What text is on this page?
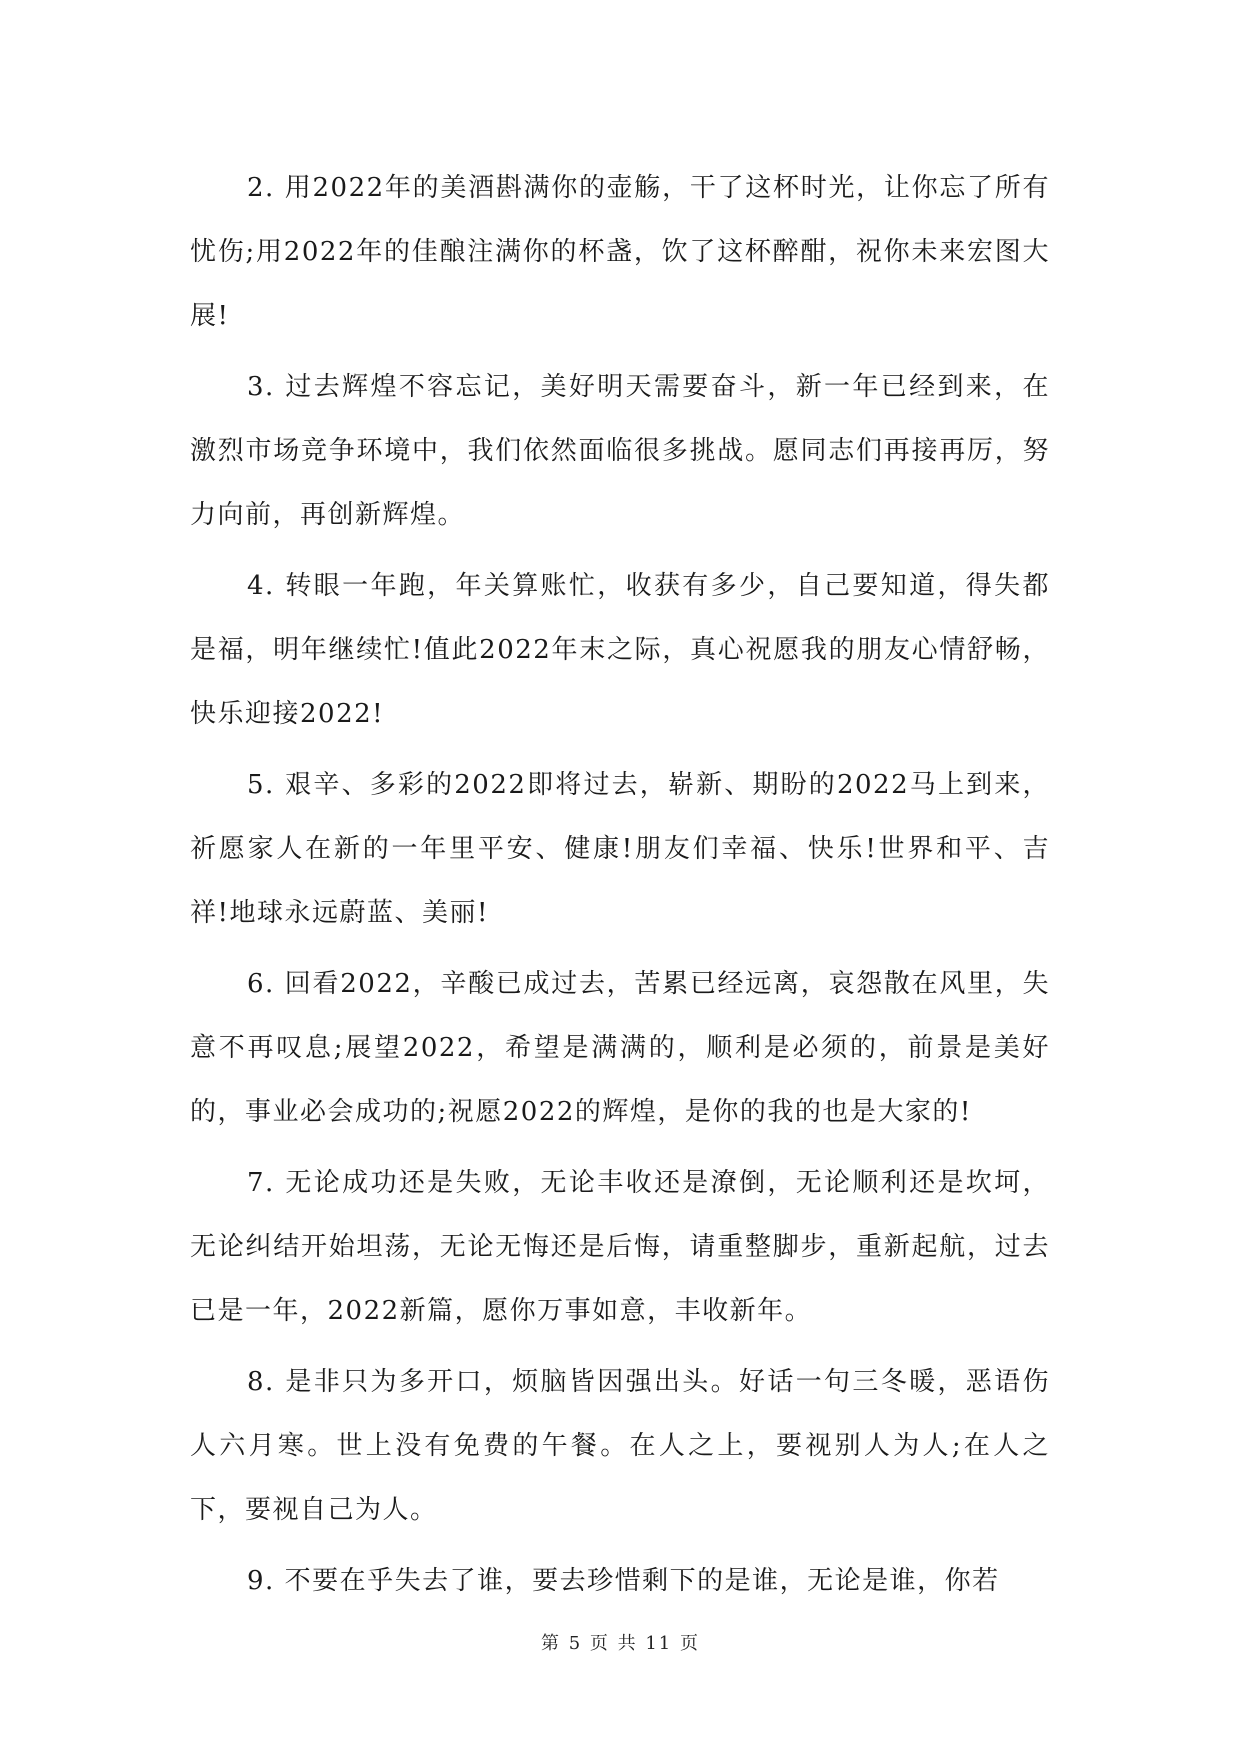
2. 用2022年的美酒斟满你的壶觞，干了这杯时光，让你忘了所有忧伤;用2022年的佳酿注满你的杯盏，饮了这杯醉酣，祝你未来宏图大展!

3. 过去辉煌不容忘记，美好明天需要奋斗，新一年已经到来，在激烈市场竞争环境中，我们依然面临很多挑战。愿同志们再接再厉，努力向前，再创新辉煌。

4. 转眼一年跑，年关算账忙，收获有多少，自己要知道，得失都是福，明年继续忙!值此2022年末之际，真心祝愿我的朋友心情舒畅，快乐迎接2022!

5. 艰辛、多彩的2022即将过去，崭新、期盼的2022马上到来，祈愿家人在新的一年里平安、健康!朋友们幸福、快乐!世界和平、吉祥!地球永远蔚蓝、美丽!

6. 回看2022，辛酸已成过去，苦累已经远离，哀怨散在风里，失意不再叹息;展望2022，希望是满满的，顺利是必须的，前景是美好的，事业必会成功的;祝愿2022的辉煌，是你的我的也是大家的!

7. 无论成功还是失败，无论丰收还是潦倒，无论顺利还是坎坷，无论纠结开始坦荡，无论无悔还是后悔，请重整脚步，重新起航，过去已是一年，2022新篇，愿你万事如意，丰收新年。

8. 是非只为多开口，烦脑皆因强出头。好话一句三冬暖，恶语伤人六月寒。世上没有免费的午餐。在人之上，要视别人为人;在人之下，要视自己为人。

9. 不要在乎失去了谁，要去珍惜剩下的是谁，无论是谁，你若

第 5 页 共 11 页
